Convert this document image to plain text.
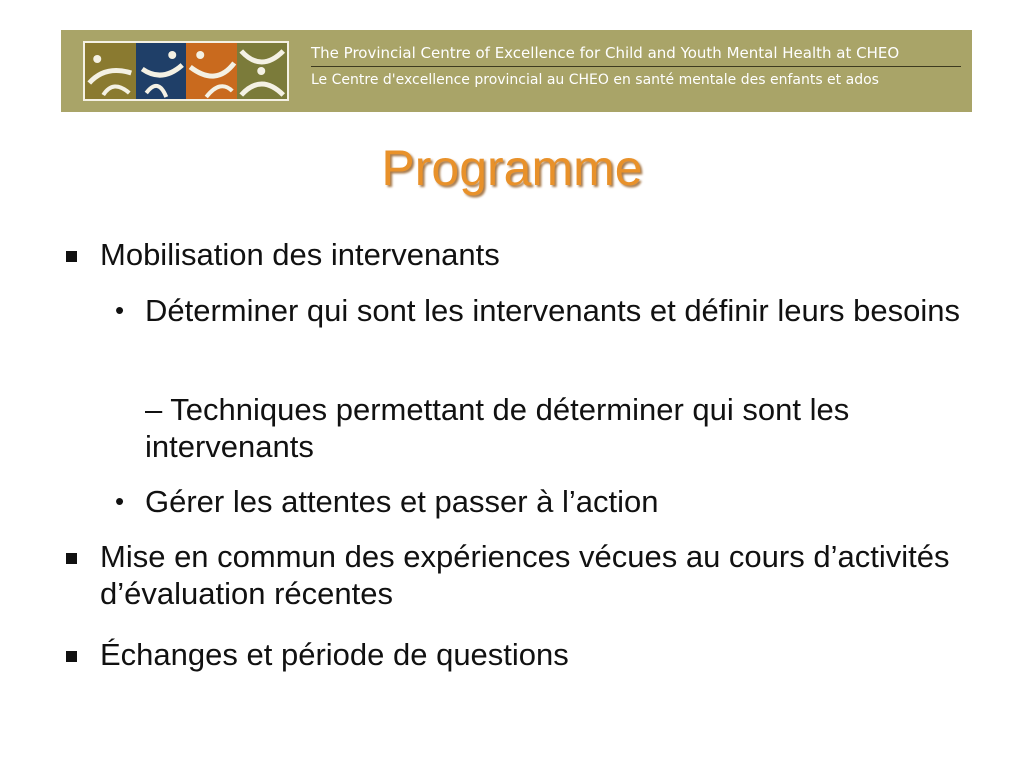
The Provincial Centre of Excellence for Child and Youth Mental Health at CHEO
Le Centre d'excellence provincial au CHEO en santé mentale des enfants et ados
Programme
Mobilisation des intervenants
• Déterminer qui sont les intervenants et définir leurs besoins
– Techniques permettant de déterminer qui sont les intervenants
• Gérer les attentes et passer à l’action
Mise en commun des expériences vécues au cours d’activités d’évaluation récentes
Échanges et période de questions
